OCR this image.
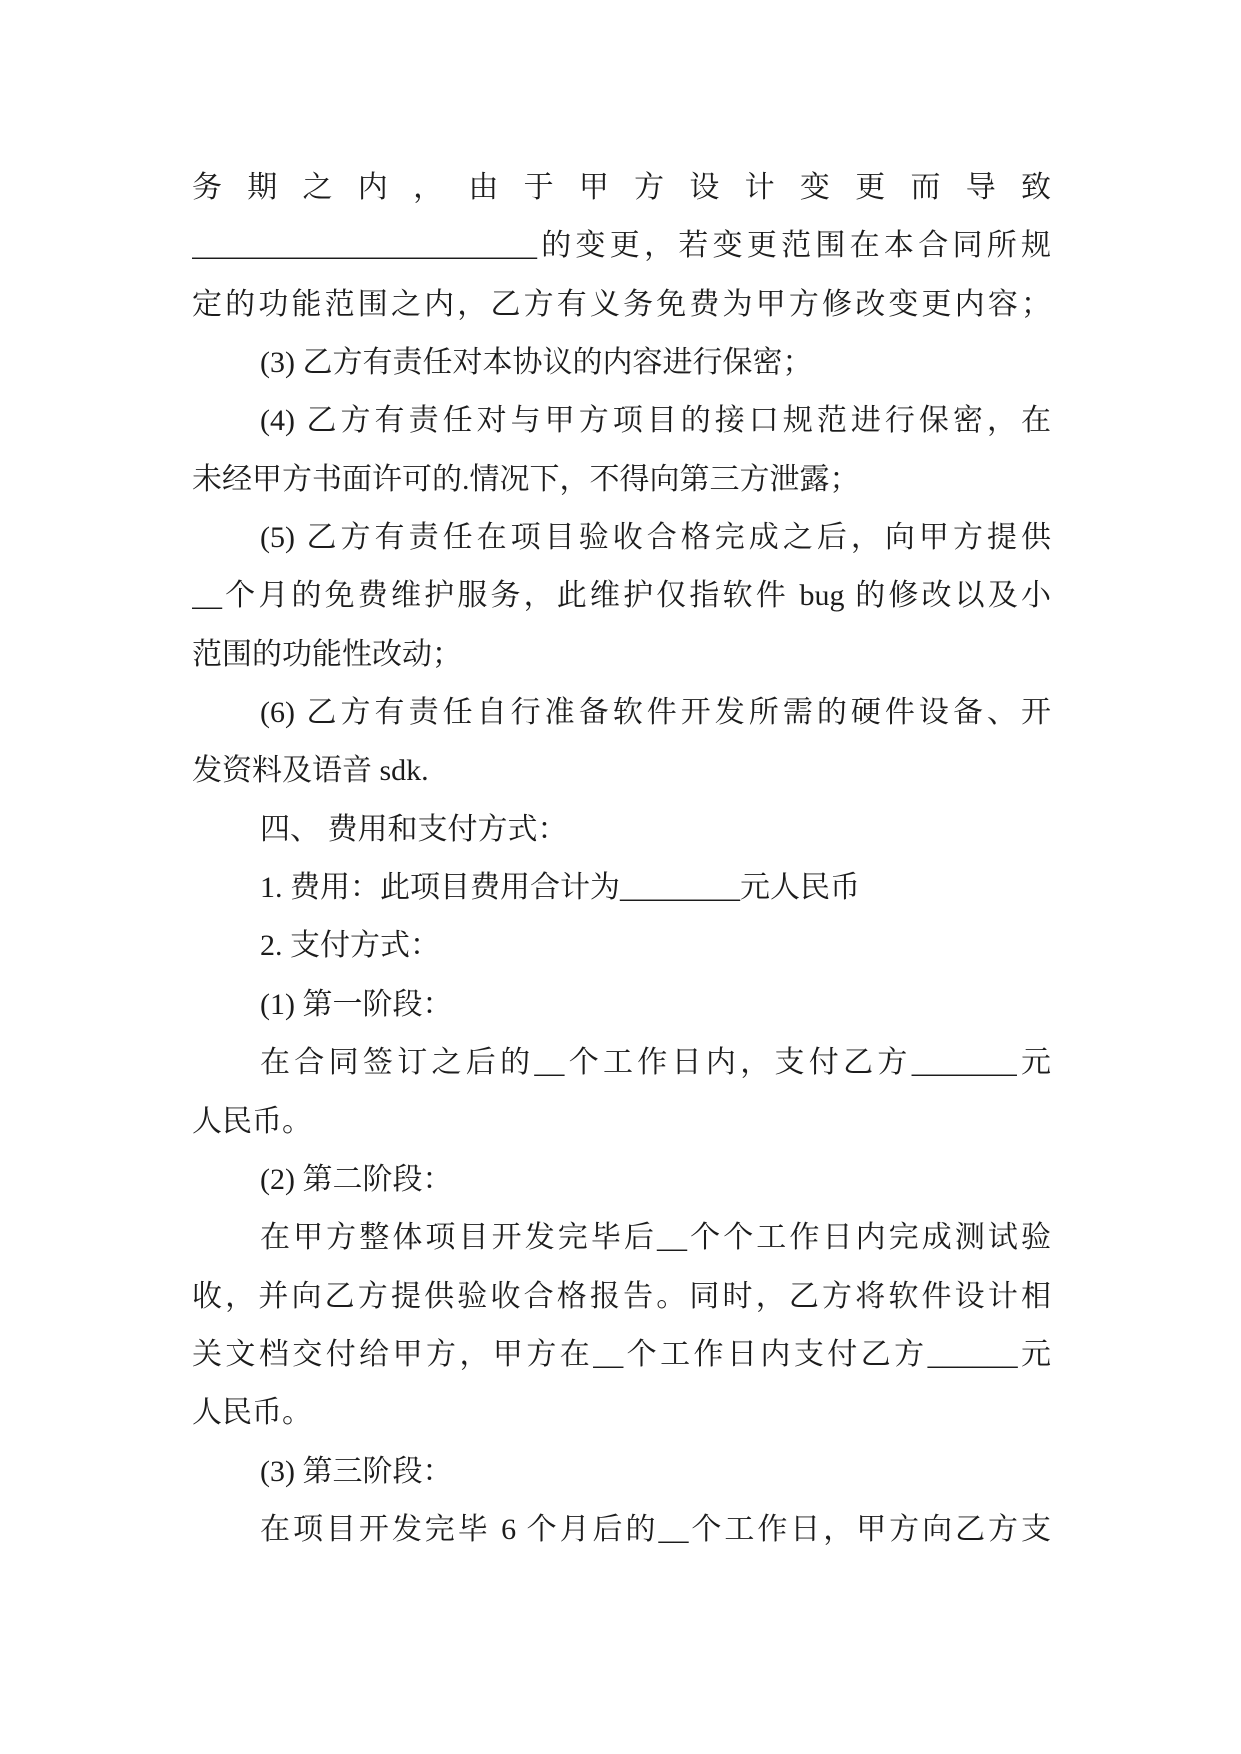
务期之内，由于甲方设计变更而导致
_______________________的变更，若变更范围在本合同所规
定的功能范围之内，乙方有义务免费为甲方修改变更内容；
(3) 乙方有责任对本协议的内容进行保密；
(4) 乙方有责任对与甲方项目的接口规范进行保密，在
未经甲方书面许可的.情况下，不得向第三方泄露；
(5) 乙方有责任在项目验收合格完成之后，向甲方提供
__个月的免费维护服务，此维护仅指软件 bug 的修改以及小
范围的功能性改动；
(6) 乙方有责任自行准备软件开发所需的硬件设备、开
发资料及语音 sdk.
四、 费用和支付方式：
1. 费用：此项目费用合计为________元人民币
2. 支付方式：
(1) 第一阶段：
在合同签订之后的__个工作日内，支付乙方_______元
人民币。
(2) 第二阶段：
在甲方整体项目开发完毕后__个个工作日内完成测试验
收，并向乙方提供验收合格报告。同时，乙方将软件设计相
关文档交付给甲方，甲方在__个工作日内支付乙方______元
人民币。
(3) 第三阶段：
在项目开发完毕 6 个月后的__个工作日，甲方向乙方支
